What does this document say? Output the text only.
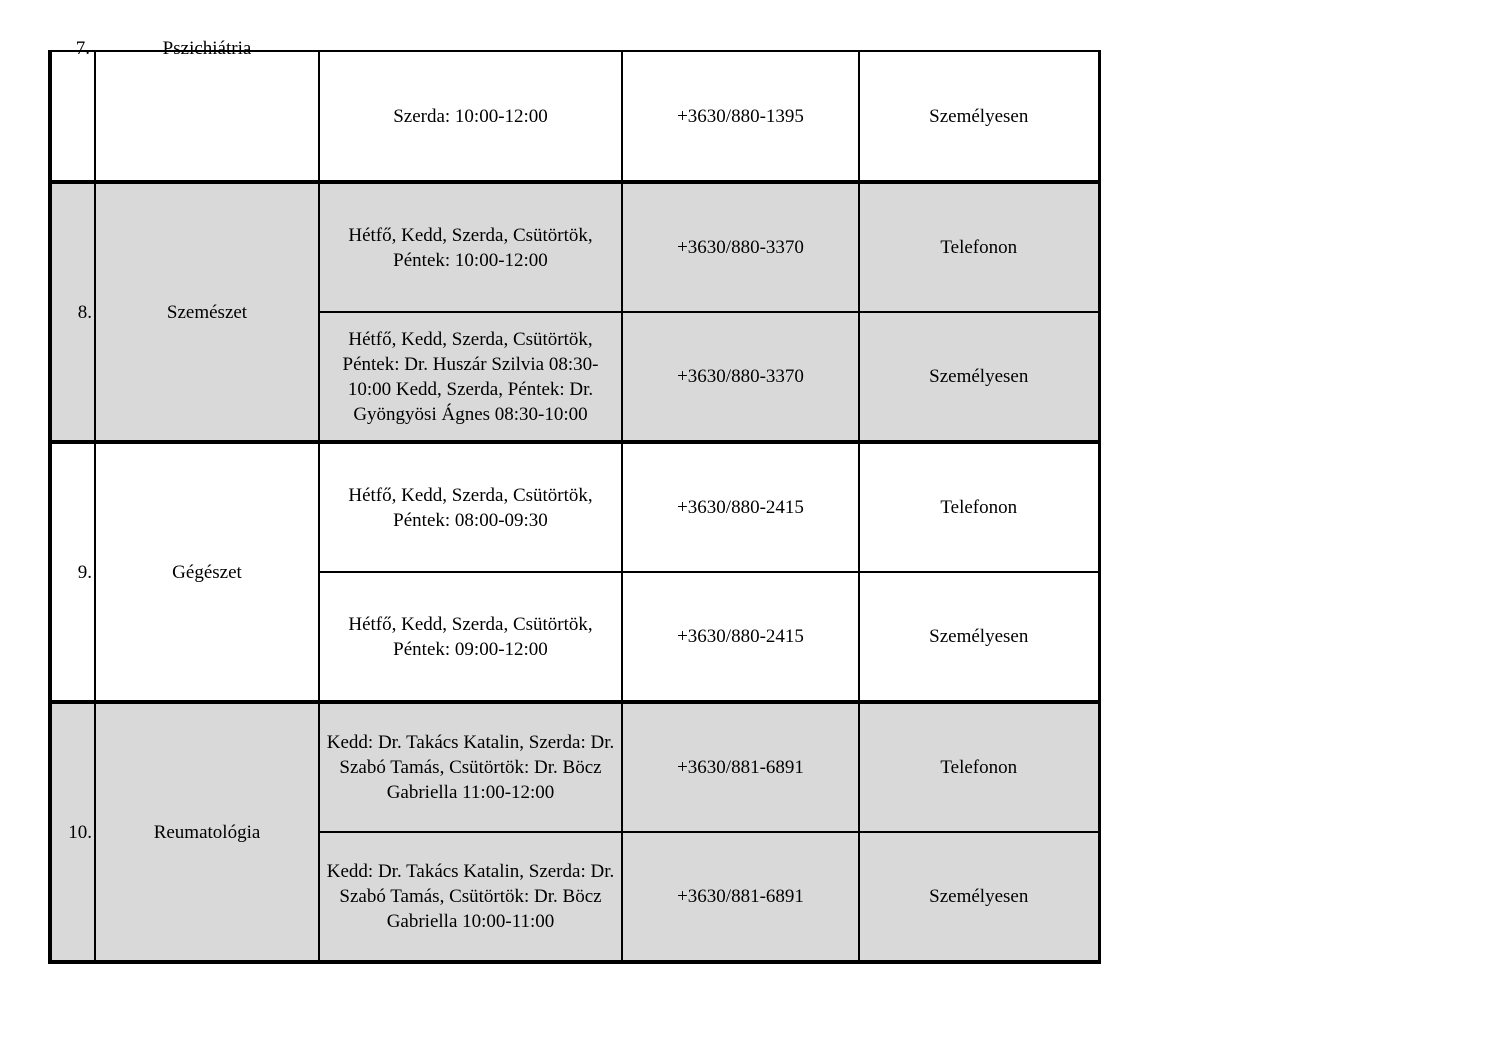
7.	Pszichiátria	Szerda: 10:00-12:00	+3630/880-1395	Személyesen
8.	Szemészet	Hétfő, Kedd, Szerda, Csütörtök, Péntek: 10:00-12:00	+3630/880-3370	Telefonon
		Hétfő, Kedd, Szerda, Csütörtök, Péntek: Dr. Huszár Szilvia 08:30-10:00 Kedd, Szerda, Péntek: Dr. Gyöngyösi Ágnes 08:30-10:00	+3630/880-3370	Személyesen
9.	Gégészet	Hétfő, Kedd, Szerda, Csütörtök, Péntek: 08:00-09:30	+3630/880-2415	Telefonon
		Hétfő, Kedd, Szerda, Csütörtök, Péntek: 09:00-12:00	+3630/880-2415	Személyesen
10.	Reumatológia	Kedd: Dr. Takács Katalin, Szerda: Dr. Szabó Tamás, Csütörtök: Dr. Böcz Gabriella 11:00-12:00	+3630/881-6891	Telefonon
		Kedd: Dr. Takács Katalin, Szerda: Dr. Szabó Tamás, Csütörtök: Dr. Böcz Gabriella 10:00-11:00	+3630/881-6891	Személyesen
